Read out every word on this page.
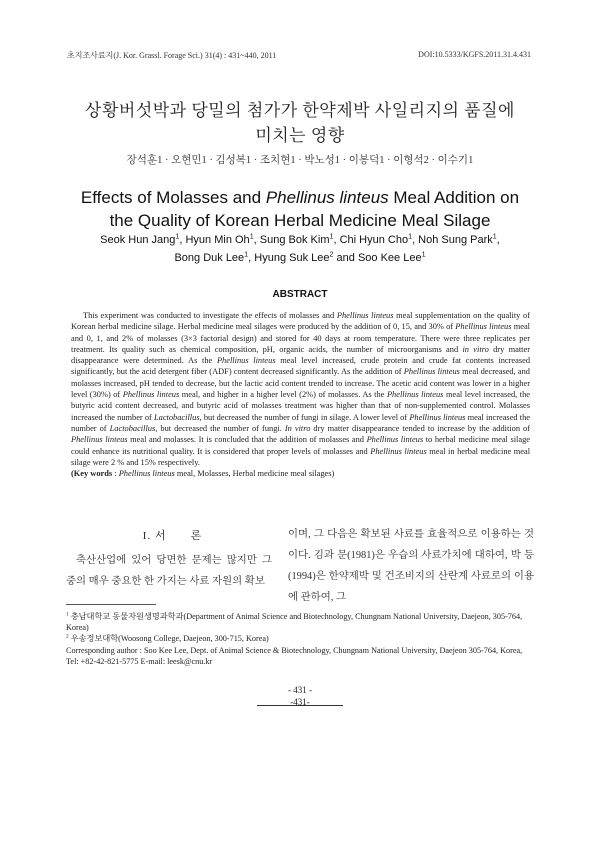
초지조사료지(J. Kor. Grassl. Forage Sci.) 31(4) : 431~440, 2011	DOI:10.5333/KGFS.2011.31.4.431
상황버섯박과 당밀의 첨가가 한약제박 사일리지의 품질에
미치는 영향
장석훈1 · 오현민1 · 김성복1 · 조치현1 · 박노성1 · 이봉덕1 · 이형석2 · 이수기1
Effects of Molasses and Phellinus linteus Meal Addition on
the Quality of Korean Herbal Medicine Meal Silage
Seok Hun Jang$^1$, Hyun Min Oh$^1$, Sung Bok Kim$^1$, Chi Hyun Cho$^1$, Noh Sung Park$^1$,
Bong Duk Lee$^1$, Hyung Suk Lee$^2$ and Soo Kee Lee$^1$
ABSTRACT

This experiment was conducted to investigate the effects of molasses and Phellinus linteus meal supplementation on the quality of Korean herbal medicine silage. Herbal medicine meal silages were produced by the addition of 0, 15, and 30% of Phellinus linteus meal and 0, 1, and 2% of molasses (3×3 factorial design) and stored for 40 days at room temperature. There were three replicates per treatment. Its quality such as chemical composition, pH, organic acids, the number of microorganisms and in vitro dry matter disappearance were determined. As the Phellinus linteus meal level increased, crude protein and crude fat contents increased significantly, but the acid detergent fiber (ADF) content decreased significantly. As the addition of Phellinus linteus meal decreased, and molasses increased, pH tended to decrease, but the lactic acid content trended to increase. The acetic acid content was lower in a higher level (30%) of Phellinus linteus meal, and higher in a higher level (2%) of molasses. As the Phellinus linteus meal level increased, the butyric acid content decreased, and butyric acid of molasses treatment was higher than that of non-supplemented control. Molasses increased the number of Lactobacillus, but decreased the number of fungi in silage. A lower level of Phellinus linteus meal increased the number of Lactobacillus, but decreased the number of fungi. In vitro dry matter disappearance tended to increase by the addition of Phellinus linteus meal and molasses. It is concluded that the addition of molasses and Phellinus linteus to herbal medicine meal silage could enhance its nutritional quality. It is considered that proper levels of molasses and Phellinus linteus meal in herbal medicine meal silage were 2 % and 15% respectively.

(Key words : Phellinus linteus meal, Molasses, Herbal medicine meal silages)
I. 서　　론
축산산업에 있어 당면한 문제는 많지만 그 중의 매우 중요한 한 가지는 사료 자원의 확보
이며, 그 다음은 확보된 사료를 효율적으로 이용하는 것이다. 김과 문(1981)은 우습의 사료가치에 대하여, 박 등(1994)은 한약제박 및 건조비지의 산란계 사료로의 이용에 관하여, 그
$^1$ 충남대학교 동물자원생명과학과(Department of Animal Science and Biotechnology, Chungnam National University, Daejeon, 305-764, Korea)
$^2$ 우송정보대학(Woosong College, Daejeon, 300-715, Korea)
Corresponding author : Soo Kee Lee, Dept. of Animal Science & Biotechnology, Chungnam National University, Daejeon 305-764, Korea, Tel: +82-42-821-5775 E-mail: leesk@cnu.kr
- 431 -
-431-
